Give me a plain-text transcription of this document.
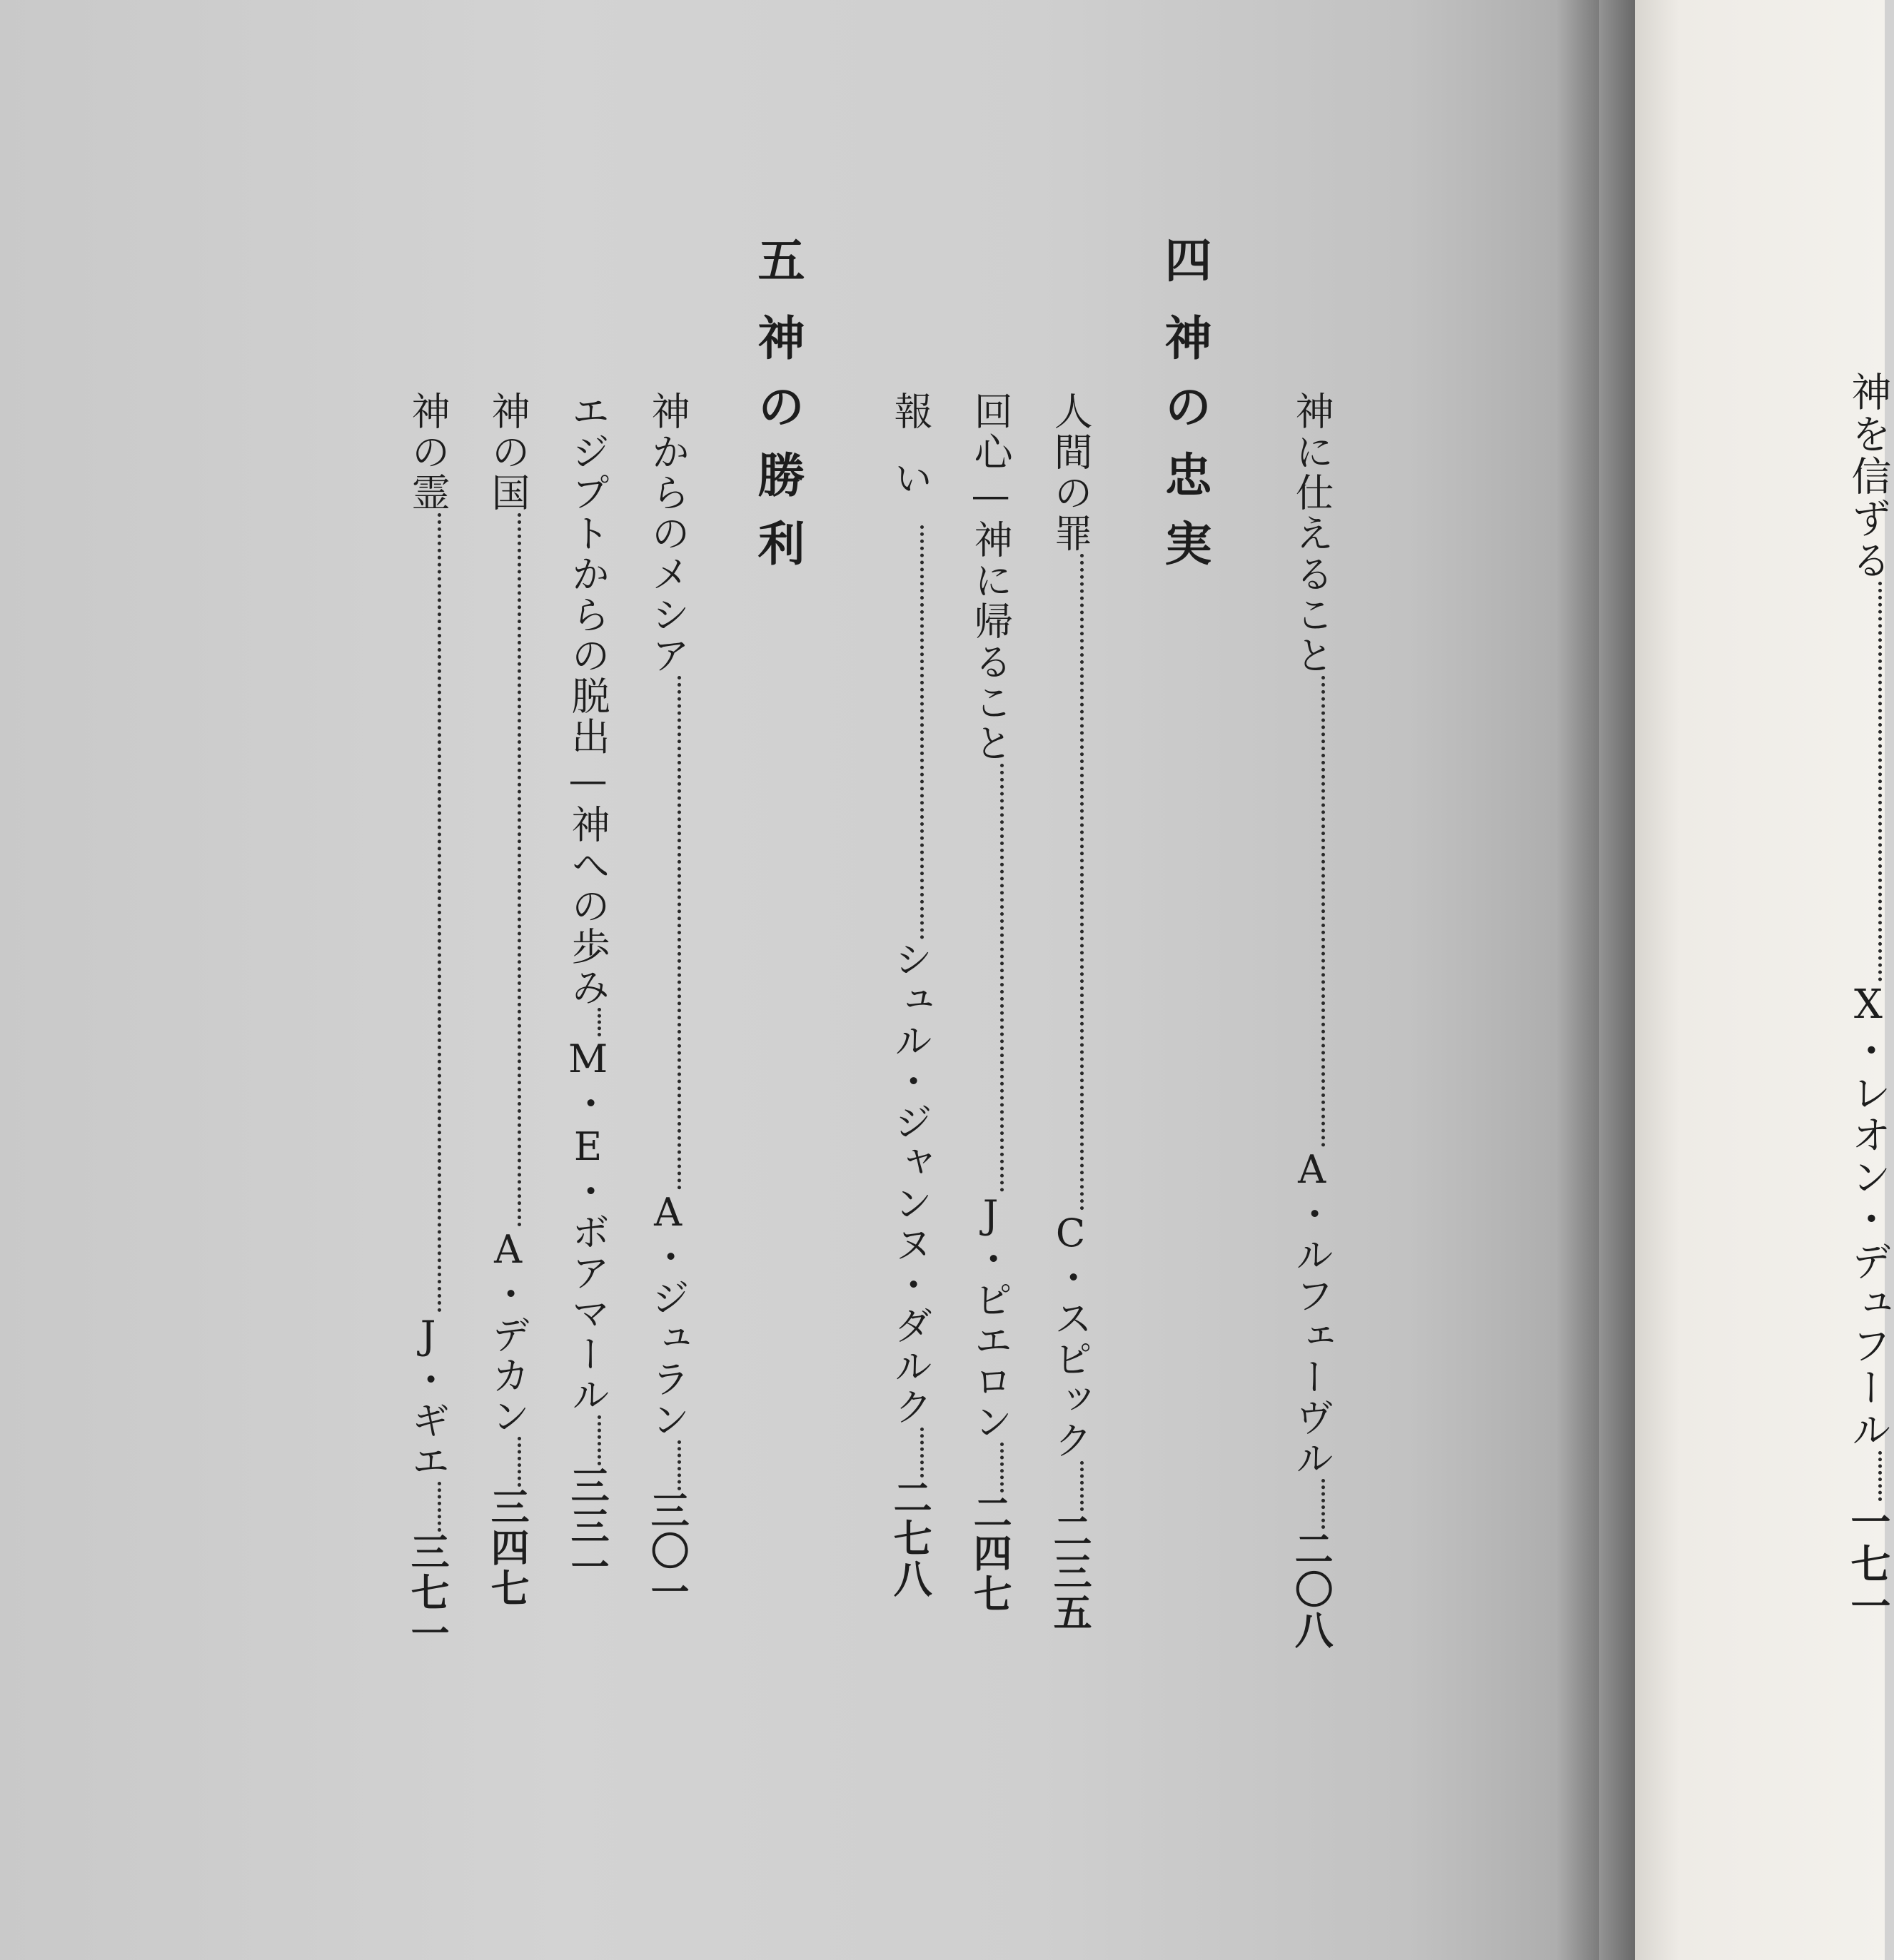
四神の忠実 神に仕えることA・ルフェーヴル二〇八
人間の罪C・スピック二三五
回心—神に帰ることJ・ピエロン二四七
報いシュル・ジャンヌ・ダルク二七八
五神の勝利
神からのメシアA・ジュラン三〇一
エジプトからの脱出—神への歩みM・E・ボアマール三三一
神の国A・デカン三四七
神の霊J・ギエ三七一
神を信ずるX・レオン・デュフール一七一
